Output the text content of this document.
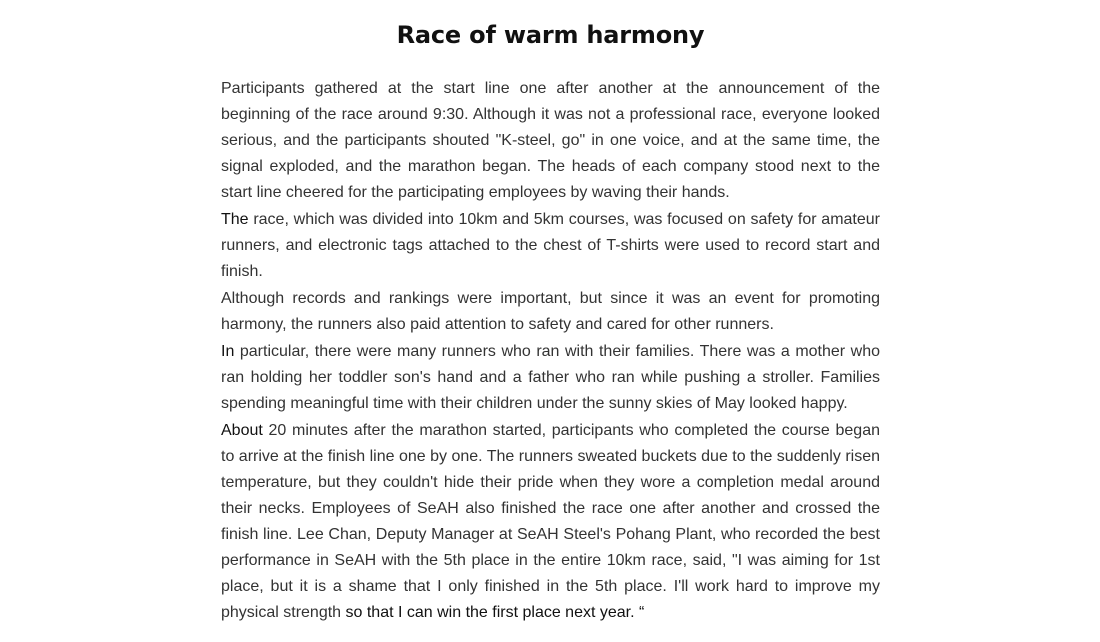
Race of warm harmony

Participants gathered at the start line one after another at the announcement of the beginning of the race around 9:30. Although it was not a professional race, everyone looked serious, and the participants shouted "K-steel, go" in one voice, and at the same time, the signal exploded, and the marathon began. The heads of each company stood next to the start line cheered for the participating employees by waving their hands.

The race, which was divided into 10km and 5km courses, was focused on safety for amateur runners, and electronic tags attached to the chest of T-shirts were used to record start and finish.

Although records and rankings were important, but since it was an event for promoting harmony, the runners also paid attention to safety and cared for other runners.

In particular, there were many runners who ran with their families. There was a mother who ran holding her toddler son's hand and a father who ran while pushing a stroller. Families spending meaningful time with their children under the sunny skies of May looked happy.

About 20 minutes after the marathon started, participants who completed the course began to arrive at the finish line one by one. The runners sweated buckets due to the suddenly risen temperature, but they couldn't hide their pride when they wore a completion medal around their necks. Employees of SeAH also finished the race one after another and crossed the finish line. Lee Chan, Deputy Manager at SeAH Steel's Pohang Plant, who recorded the best performance in SeAH with the 5th place in the entire 10km race, said, "I was aiming for 1st place, but it is a shame that I only finished in the 5th place. I'll work hard to improve my physical strength so that I can win the first place next year. “
